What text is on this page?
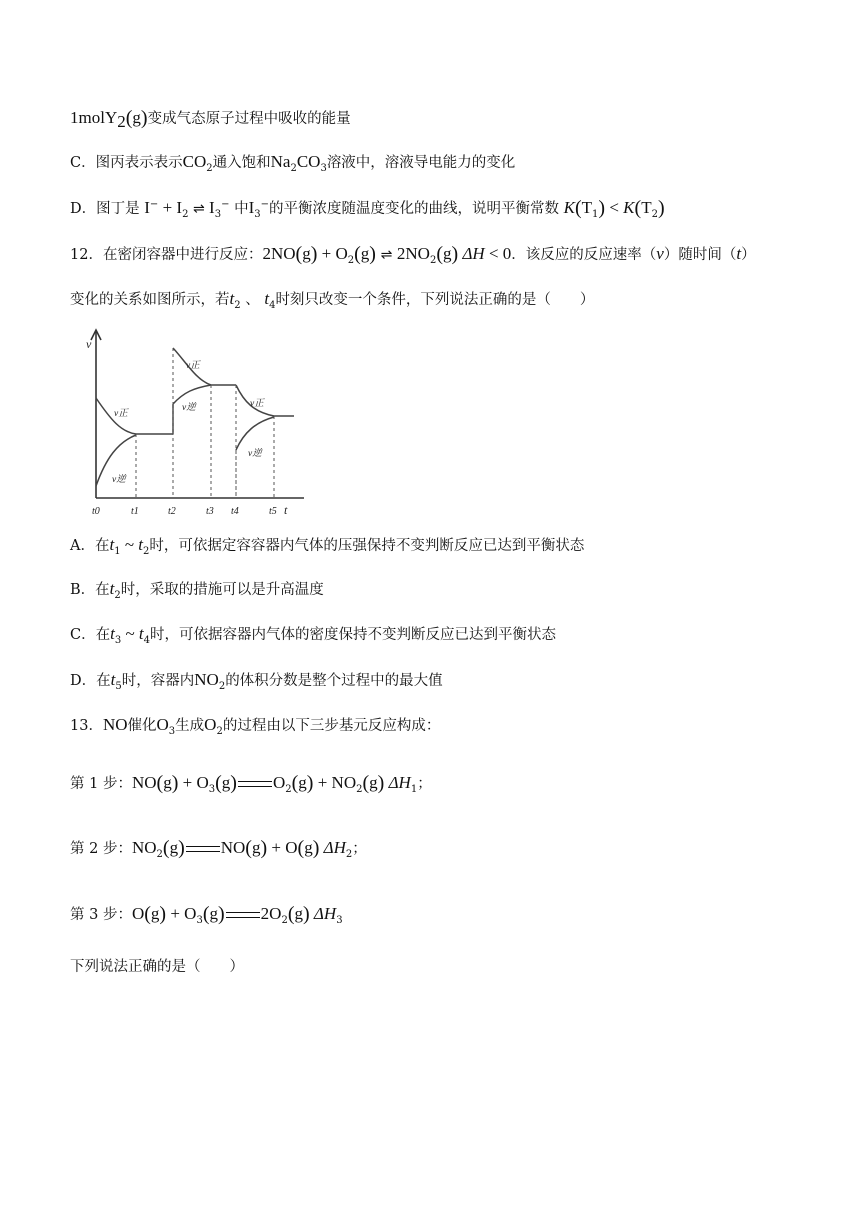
1molY$_2$(g)变成气态原子过程中吸收的能量
C．图丙表示表示$CO_2$通入饱和$Na_2CO_3$溶液中，溶液导电能力的变化
D．图丁是 $I^- + I_2$ ⇌ $I_3^-$ 中$I_3^-$的平衡浓度随温度变化的曲线，说明平衡常数 $K(T_1) < K(T_2)$
12．在密闭容器中进行反应：$2NO(g) + O_2(g)$ ⇌ $2NO_2(g) \Delta H < 0$．该反应的反应速率（v）随时间（t）
变化的关系如图所示，若$t_2$ 、 $t_4$时刻只改变一个条件，下列说法正确的是（　　）
v
t
t0	t1	t2	t3 t4	t5
v正
v逆
v正
v逆	v正
v逆
A．在$t_1$ ~ $t_2$时，可依据定容容器内气体的压强保持不变判断反应已达到平衡状态
B．在$t_2$时，采取的措施可以是升高温度
C．在$t_3$ ~ $t_4$时，可依据容器内气体的密度保持不变判断反应已达到平衡状态
D．在$t_5$时，容器内$NO_2$的体积分数是整个过程中的最大值
13．NO催化$O_3$生成$O_2$的过程由以下三步基元反应构成：
第 1 步：$NO(g) + O_3(g) O_2(g) + NO_2(g)$ $\Delta H_1$；
第 2 步：$NO_2(g) NO(g) + O(g)$ $\Delta H_2$；
第 3 步：$O(g) + O_3(g)$ $2O_2(g)$ $\Delta H_3$
下列说法正确的是（　　）
